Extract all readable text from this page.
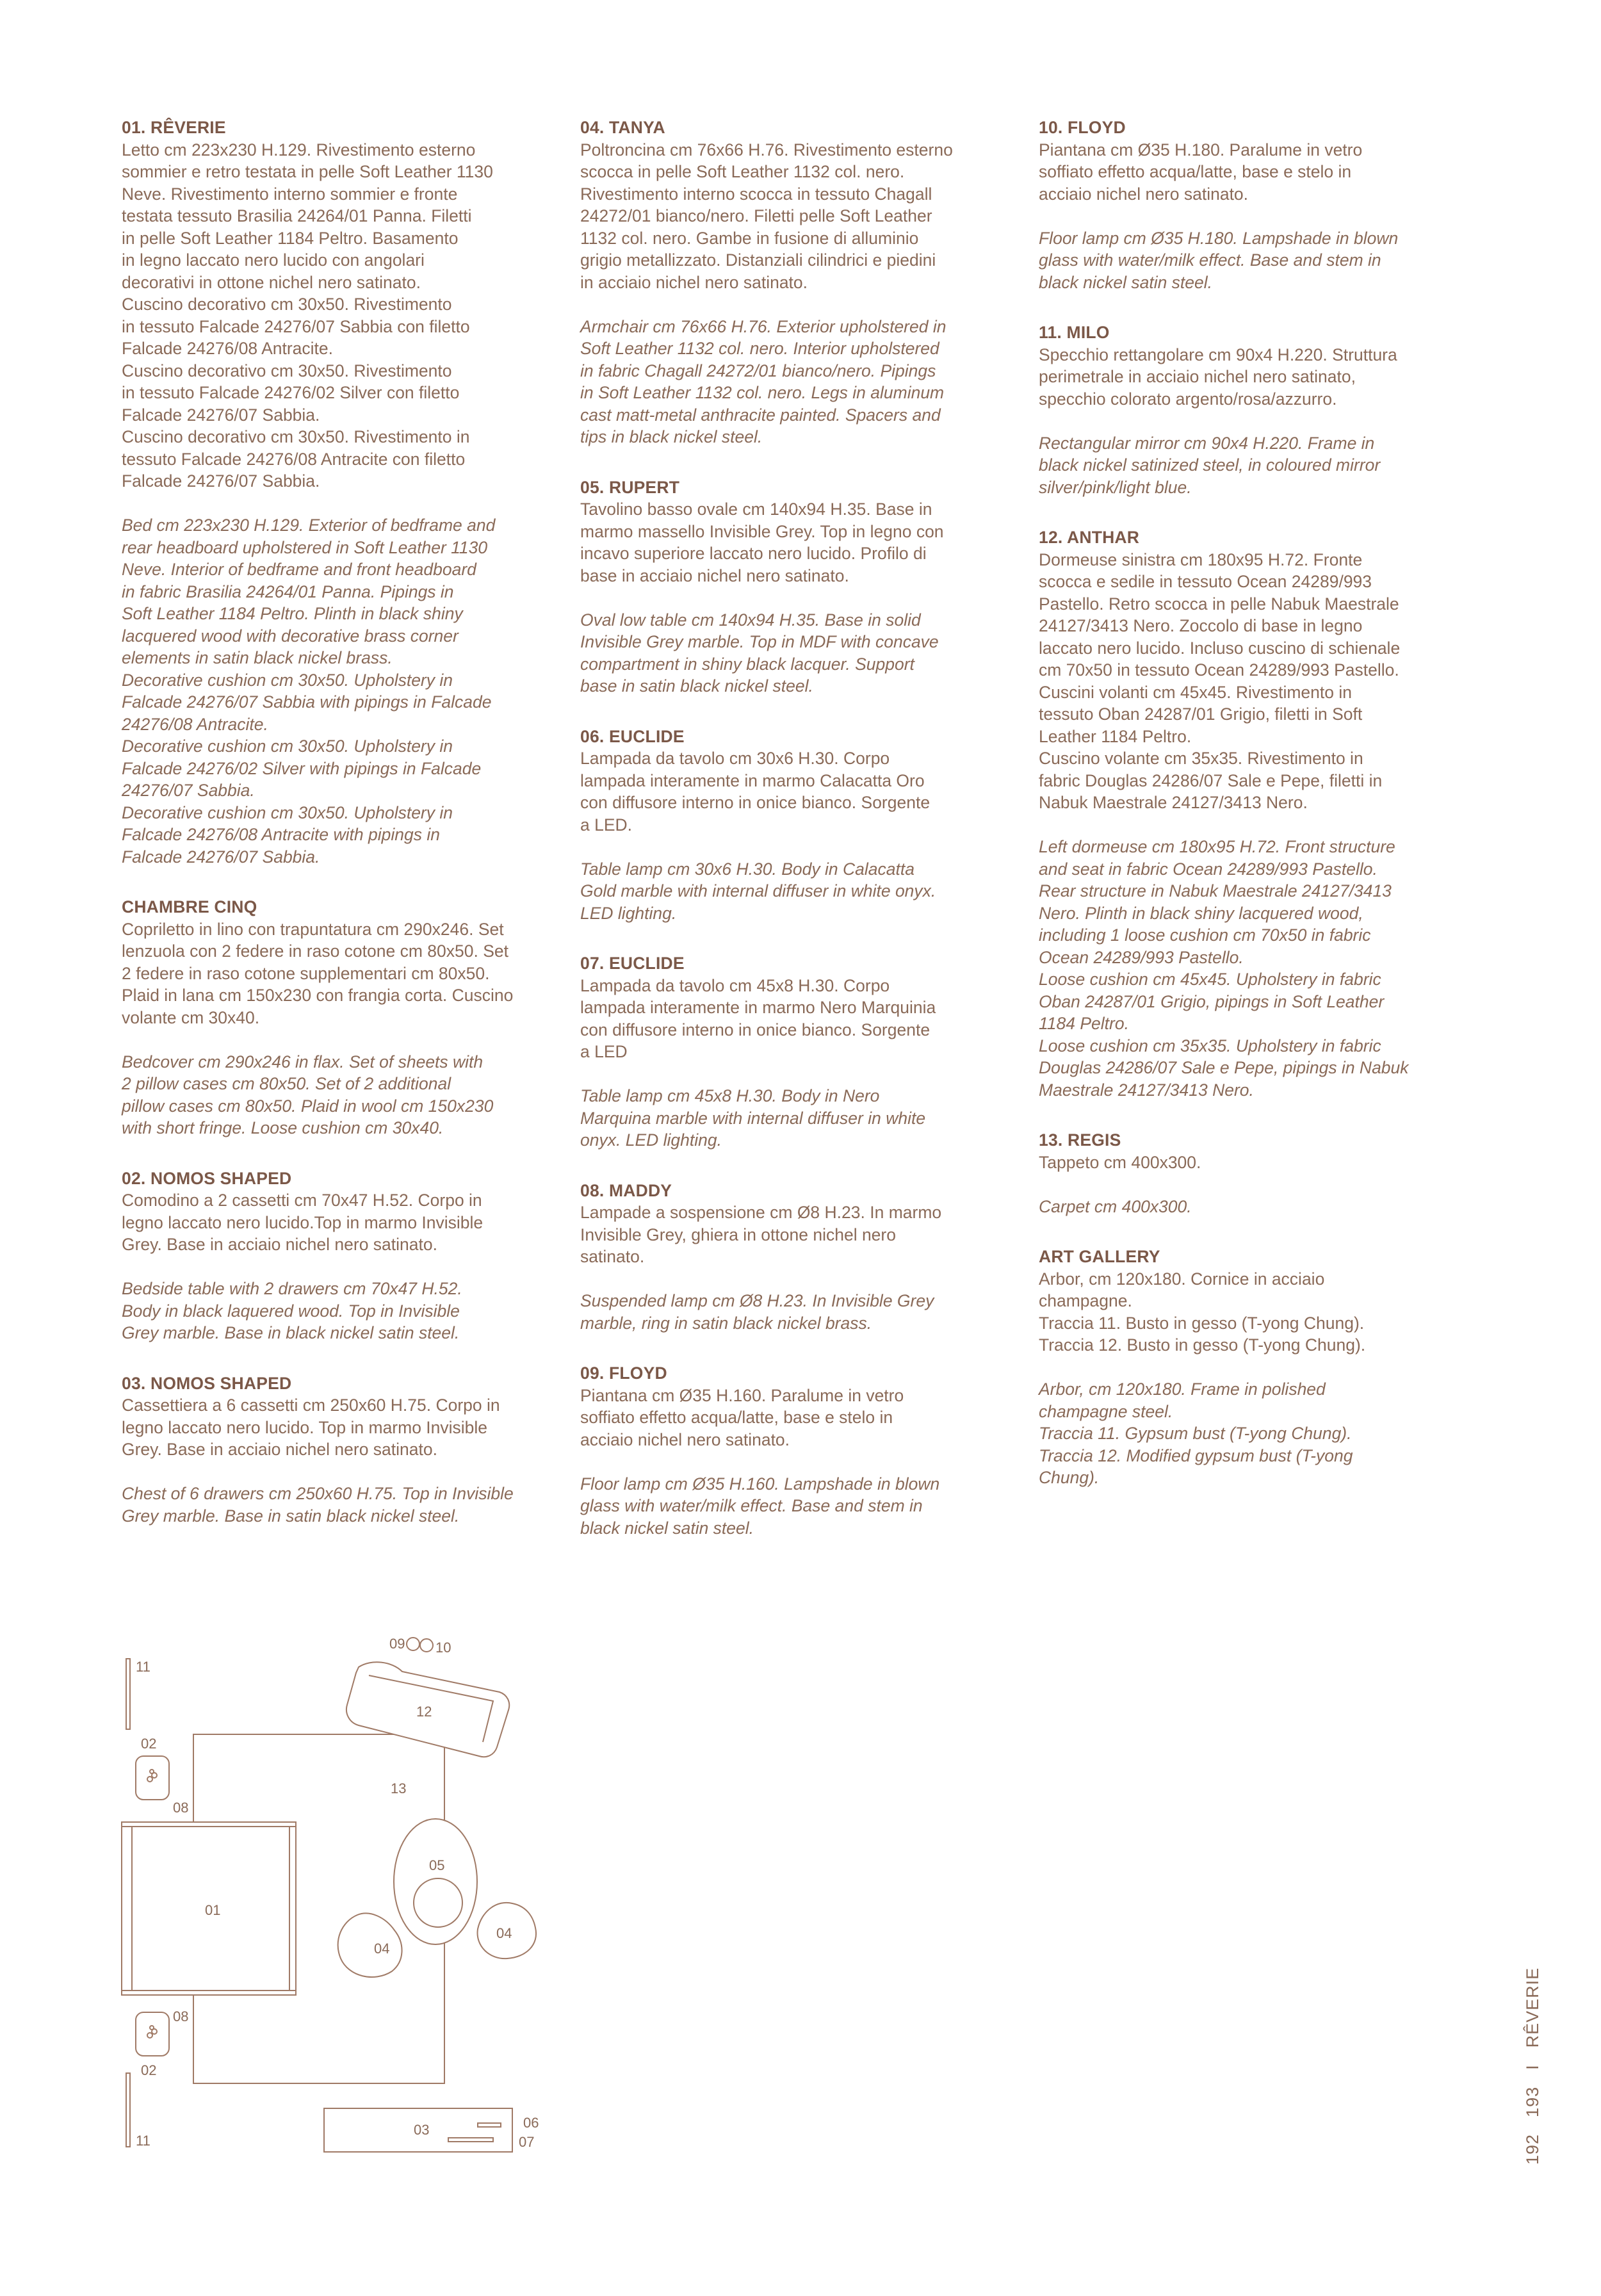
01. RÊVERIE

Letto cm 223x230 H.129. Rivestimento esterno
sommier e retro testata in pelle Soft Leather 1130
Neve. Rivestimento interno sommier e fronte
testata tessuto Brasilia 24264/01 Panna. Filetti
in pelle Soft Leather 1184 Peltro. Basamento
in legno laccato nero lucido con angolari
decorativi in ottone nichel nero satinato.
Cuscino decorativo cm 30x50. Rivestimento
in tessuto Falcade 24276/07 Sabbia con filetto
Falcade 24276/08 Antracite.
Cuscino decorativo cm 30x50. Rivestimento
in tessuto Falcade 24276/02 Silver con filetto
Falcade 24276/07 Sabbia.
Cuscino decorativo cm 30x50. Rivestimento in
tessuto Falcade 24276/08 Antracite con filetto
Falcade 24276/07 Sabbia.

Bed cm 223x230 H.129. Exterior of bedframe and
rear headboard upholstered in Soft Leather 1130
Neve. Interior of bedframe and front headboard
in fabric Brasilia 24264/01 Panna. Pipings in
Soft Leather 1184 Peltro. Plinth in black shiny
lacquered wood with decorative brass corner
elements in satin black nickel brass.
Decorative cushion cm 30x50. Upholstery in
Falcade 24276/07 Sabbia with pipings in Falcade
24276/08 Antracite.
Decorative cushion cm 30x50. Upholstery in
Falcade 24276/02 Silver with pipings in Falcade
24276/07 Sabbia.
Decorative cushion cm 30x50. Upholstery in
Falcade 24276/08 Antracite with pipings in
Falcade 24276/07 Sabbia.

CHAMBRE CINQ

Copriletto in lino con trapuntatura cm 290x246. Set
lenzuola con 2 federe in raso cotone cm 80x50. Set
2 federe in raso cotone supplementari cm 80x50.
Plaid in lana cm 150x230 con frangia corta. Cuscino
volante cm 30x40.

Bedcover cm 290x246 in flax. Set of sheets with
2 pillow cases cm 80x50. Set of 2 additional
pillow cases cm 80x50. Plaid in wool cm 150x230
with short fringe. Loose cushion cm 30x40.

02. NOMOS SHAPED

Comodino a 2 cassetti cm 70x47 H.52. Corpo in
legno laccato nero lucido.Top in marmo Invisible
Grey. Base in acciaio nichel nero satinato.

Bedside table with 2 drawers cm 70x47 H.52.
Body in black laquered wood. Top in Invisible
Grey marble. Base in black nickel satin steel.

03. NOMOS SHAPED

Cassettiera a 6 cassetti cm 250x60 H.75. Corpo in
legno laccato nero lucido. Top in marmo Invisible
Grey. Base in acciaio nichel nero satinato.

Chest of 6 drawers cm 250x60 H.75. Top in Invisible
Grey marble. Base in satin black nickel steel.

04. TANYA

Poltroncina cm 76x66 H.76. Rivestimento esterno
scocca in pelle Soft Leather 1132 col. nero.
Rivestimento interno scocca in tessuto Chagall
24272/01 bianco/nero. Filetti pelle Soft Leather
1132 col. nero. Gambe in fusione di alluminio
grigio metallizzato. Distanziali cilindrici e piedini
in acciaio nichel nero satinato.

Armchair cm 76x66 H.76. Exterior upholstered in
Soft Leather 1132 col. nero. Interior upholstered
in fabric Chagall 24272/01 bianco/nero. Pipings
in Soft Leather 1132 col. nero. Legs in aluminum
cast matt-metal anthracite painted. Spacers and
tips in black nickel steel.

05. RUPERT

Tavolino basso ovale cm 140x94 H.35. Base in
marmo massello Invisible Grey. Top in legno con
incavo superiore laccato nero lucido. Profilo di
base in acciaio nichel nero satinato.

Oval low table cm 140x94 H.35. Base in solid
Invisible Grey marble. Top in MDF with concave
compartment in shiny black lacquer. Support
base in satin black nickel steel.

06. EUCLIDE

Lampada da tavolo cm 30x6 H.30. Corpo
lampada interamente in marmo Calacatta Oro
con diffusore interno in onice bianco. Sorgente
a LED.

Table lamp cm 30x6 H.30. Body in Calacatta
Gold marble with internal diffuser in white onyx.
LED lighting.

07. EUCLIDE

Lampada da tavolo cm 45x8 H.30. Corpo
lampada interamente in marmo Nero Marquinia
con diffusore interno in onice bianco. Sorgente
a LED

Table lamp cm 45x8 H.30. Body in Nero
Marquina marble with internal diffuser in white
onyx. LED lighting.

08. MADDY

Lampade a sospensione cm Ø8 H.23. In marmo
Invisible Grey, ghiera in ottone nichel nero
satinato.

Suspended lamp cm Ø8 H.23. In Invisible Grey
marble, ring in satin black nickel brass.

09. FLOYD

Piantana cm Ø35 H.160. Paralume in vetro
soffiato effetto acqua/latte, base e stelo in
acciaio nichel nero satinato.

Floor lamp cm Ø35 H.160. Lampshade in blown
glass with water/milk effect. Base and stem in
black nickel satin steel.

10. FLOYD

Piantana cm Ø35 H.180. Paralume in vetro
soffiato effetto acqua/latte, base e stelo in
acciaio nichel nero satinato.

Floor lamp cm Ø35 H.180. Lampshade in blown
glass with water/milk effect. Base and stem in
black nickel satin steel.

11. MILO

Specchio rettangolare cm 90x4 H.220. Struttura
perimetrale in acciaio nichel nero satinato,
specchio colorato argento/rosa/azzurro.

Rectangular mirror cm 90x4 H.220. Frame in
black nickel satinized steel, in coloured mirror
silver/pink/light blue.

12. ANTHAR

Dormeuse sinistra cm 180x95 H.72. Fronte
scocca e sedile in tessuto Ocean 24289/993
Pastello. Retro scocca in pelle Nabuk Maestrale
24127/3413 Nero. Zoccolo di base in legno
laccato nero lucido. Incluso cuscino di schienale
cm 70x50 in tessuto Ocean 24289/993 Pastello.
Cuscini volanti cm 45x45. Rivestimento in
tessuto Oban 24287/01 Grigio, filetti in Soft
Leather 1184 Peltro.
Cuscino volante cm 35x35. Rivestimento in
fabric Douglas 24286/07 Sale e Pepe, filetti in
Nabuk Maestrale 24127/3413 Nero.

Left dormeuse cm 180x95 H.72. Front structure
and seat in fabric Ocean 24289/993 Pastello.
Rear structure in Nabuk Maestrale 24127/3413
Nero. Plinth in black shiny lacquered wood,
including 1 loose cushion cm 70x50 in fabric
Ocean 24289/993 Pastello.
Loose cushion cm 45x45. Upholstery in fabric
Oban 24287/01 Grigio, pipings in Soft Leather
1184 Peltro.
Loose cushion cm 35x35. Upholstery in fabric
Douglas 24286/07 Sale e Pepe, pipings in Nabuk
Maestrale 24127/3413 Nero.

13. REGIS

Tappeto cm 400x300.

Carpet cm 400x300.

ART GALLERY

Arbor, cm 120x180. Cornice in acciaio
champagne.
Traccia 11. Busto in gesso (T-yong Chung).
Traccia 12. Busto in gesso (T-yong Chung).

Arbor, cm 120x180. Frame in polished
champagne steel.
Traccia 11. Gypsum bust (T-yong Chung).
Traccia 12. Modified gypsum bust (T-yong
Chung).

01
02
02
03
04
04
05
06
07
08
08
09 10
11
11
12
13
192193IRÊVERIE
